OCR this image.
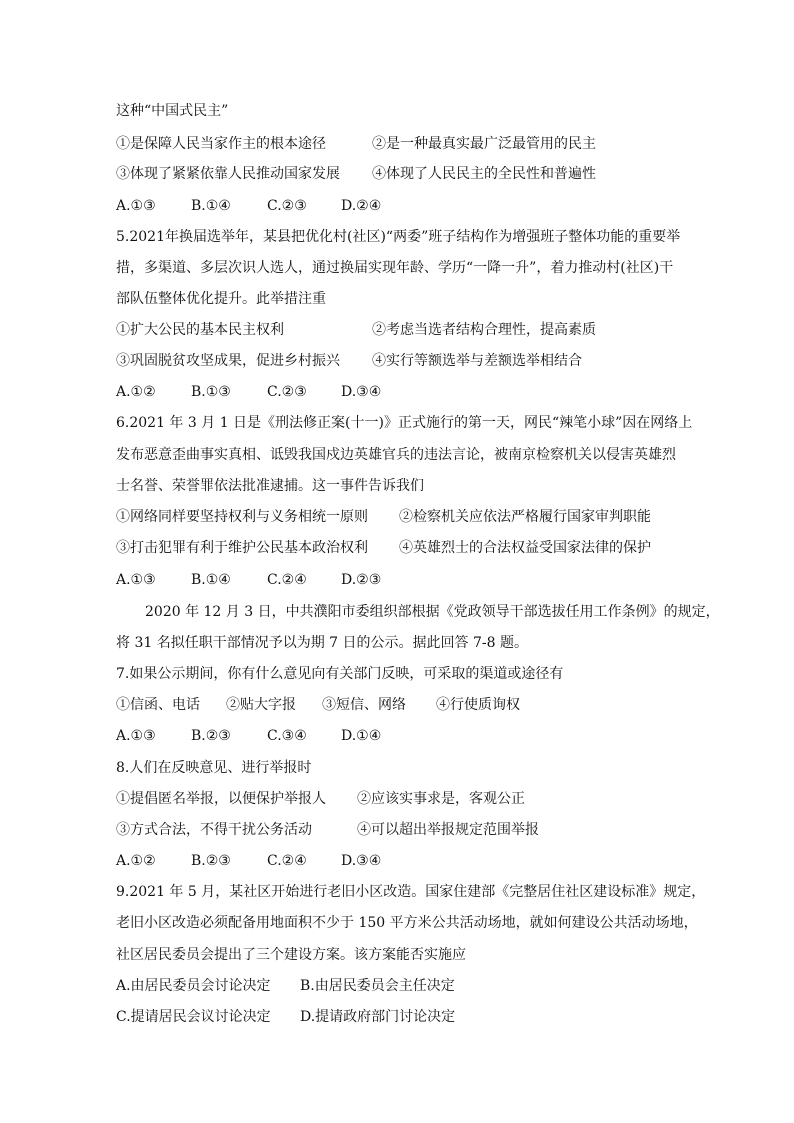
这种“中国式民主”
①是保障人民当家作主的根本途径	②是一种最真实最广泛最管用的民主
③体现了紧紧依靠人民推动国家发展 ④体现了人民民主的全民性和普遍性
A.①③	B.①④	C.②③ D.②④
5.2021年换届选举年，某县把优化村(社区)“两委”班子结构作为增强班子整体功能的重要举
措，多渠道、多层次识人选人，通过换届实现年龄、学历“一降一升”，着力推动村(社区)干
部队伍整体优化提升。此举措注重
①扩大公民的基本民主权利	②考虑当选者结构合理性，提高素质
③巩固脱贫攻坚成果，促进乡村振兴 ④实行等额选举与差额选举相结合
A.①②	B.①③	C.②③ D.③④
6.2021 年 3 月 1 日是《刑法修正案(十一)》正式施行的第一天，网民“辣笔小球”因在网络上
发布恶意歪曲事实真相、诋毁我国戍边英雄官兵的违法言论，被南京检察机关以侵害英雄烈
士名誉、荣誉罪依法批准逮捕。这一事件告诉我们
①网络同样要坚持权利与义务相统一原则 ②检察机关应依法严格履行国家审判职能
③打击犯罪有利于维护公民基本政治权利 ④英雄烈士的合法权益受国家法律的保护
A.①③	B.①④	C.②④ D.②③
2020 年 12 月 3 日，中共濮阳市委组织部根据《党政领导干部选拔任用工作条例》的规定，
将 31 名拟任职干部情况予以为期 7 日的公示。据此回答 7-8 题。
7.如果公示期间，你有什么意见向有关部门反映，可采取的渠道或途径有
①信函、电话 ②贴大字报 ③短信、网络 ④行使质询权
A.①③	B.②③	C.③④ D.①④
8.人们在反映意见、进行举报时
①提倡匿名举报，以便保护举报人 ②应该实事求是，客观公正
③方式合法，不得干扰公务活动	④可以超出举报规定范围举报
A.①②	B.②③	C.②④ D.③④
9.2021 年 5 月，某社区开始进行老旧小区改造。国家住建部《完整居住社区建设标准》规定，
老旧小区改造必须配备用地面积不少于 150 平方米公共活动场地，就如何建设公共活动场地，
社区居民委员会提出了三个建设方案。该方案能否实施应
A.由居民委员会讨论决定 B.由居民委员会主任决定
C.提请居民会议讨论决定 D.提请政府部门讨论决定
